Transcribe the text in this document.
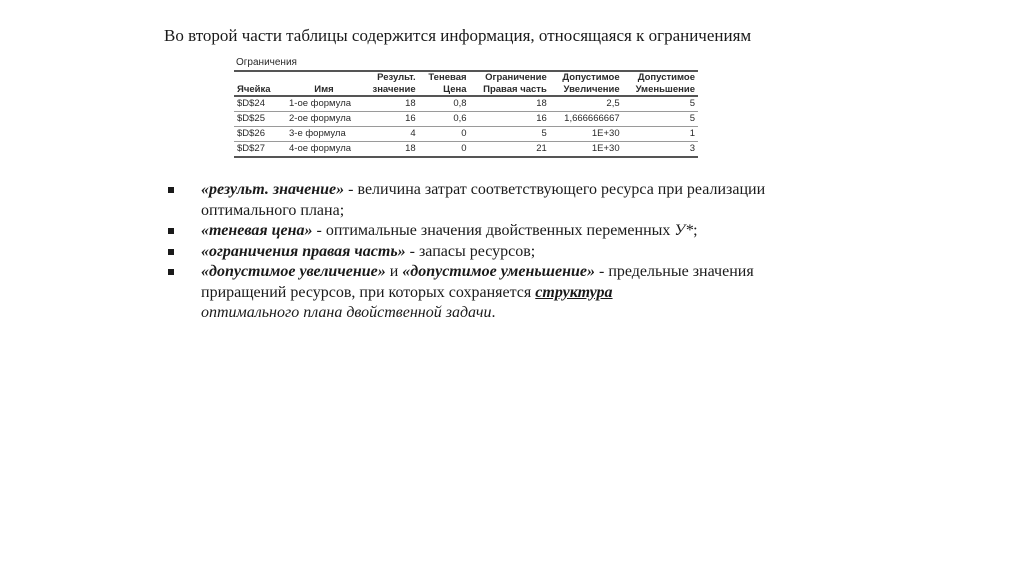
Во второй части таблицы содержится информация, относящаяся к ограничениям
Ограничения
		Результ.	Теневая	Ограничение	Допустимое	Допустимое
Ячейка	Имя	значение	Цена	Правая часть	Увеличение	Уменьшение
$D$24	1-ое формула	18	0,8	18	2,5	5
$D$25	2-ое формула	16	0,6	16	1,666666667	5
$D$26	3-е формула	4	0	5	1E+30	1
$D$27	4-ое формула	18	0	21	1E+30	3
«результ. значение» - величина затрат соответствующего ресурса при реализации оптимального плана;
«теневая цена» - оптимальные значения двойственных переменных У*;
«ограничения правая часть» - запасы ресурсов;
«допустимое увеличение» и «допустимое уменьшение» - предельные значения приращений ресурсов, при которых сохраняется структура
оптимального плана двойственной задачи.
